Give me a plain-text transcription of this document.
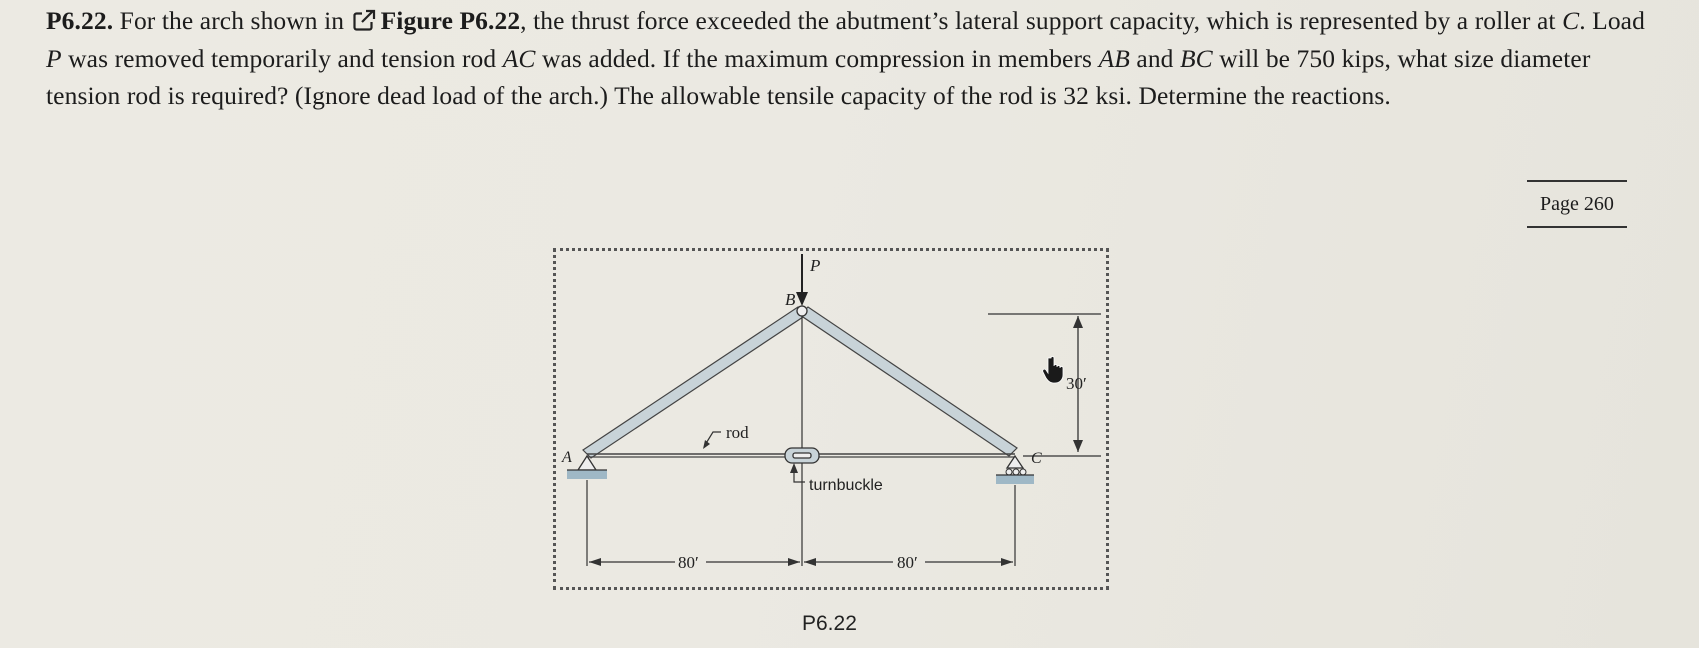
P6.22. For the arch shown in Figure P6.22, the thrust force exceeded the abutment’s lateral support capacity, which is represented by a roller at C. Load P was removed temporarily and tension rod AC was added. If the maximum compression in members AB and BC will be 750 kips, what size diameter tension rod is required? (Ignore dead load of the arch.) The allowable tensile capacity of the rod is 32 ksi. Determine the reactions.
Page 260
30′
P
B
A	C
rod
turnbuckle
80′	80′
P6.22
